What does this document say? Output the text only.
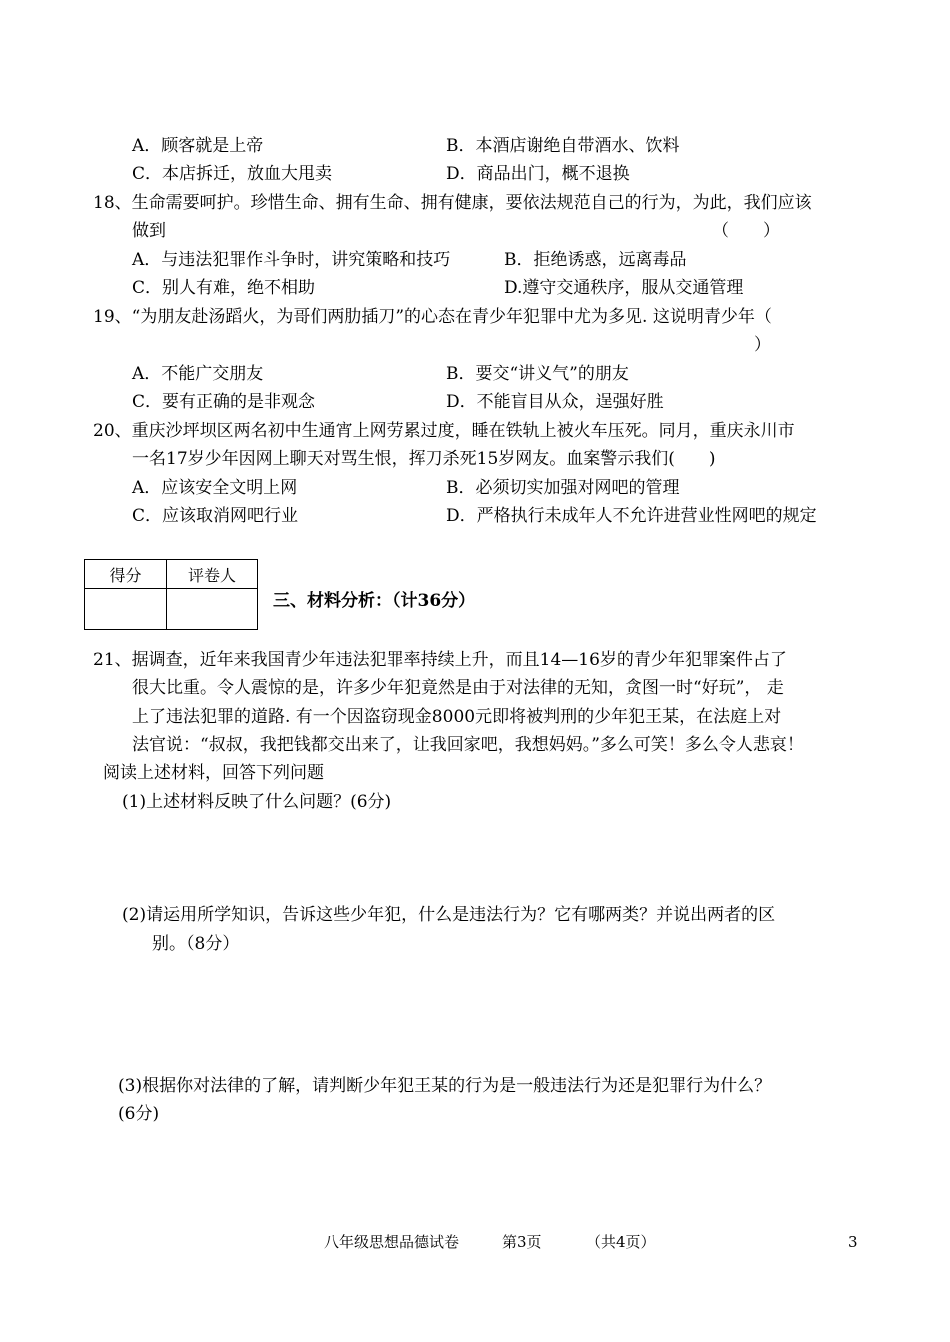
A．顾客就是上帝	B．本酒店谢绝自带酒水、饮料
C．本店拆迁，放血大甩卖	D．商品出门，概不退换
18、生命需要呵护。珍惜生命、拥有生命、拥有健康，要依法规范自己的行为，为此，我们应该
做到	（　　）
A．与违法犯罪作斗争时，讲究策略和技巧	B．拒绝诱惑，远离毒品
C．别人有难，绝不相助	D.遵守交通秩序，服从交通管理
19、“为朋友赴汤蹈火，为哥们两肋插刀”的心态在青少年犯罪中尤为多见. 这说明青少年（
）
A．不能广交朋友	B．要交“讲义气”的朋友
C．要有正确的是非观念	D．不能盲目从众，逞强好胜
20、重庆沙坪坝区两名初中生通宵上网劳累过度，睡在铁轨上被火车压死。同月，重庆永川市
一名17岁少年因网上聊天对骂生恨，挥刀杀死15岁网友。血案警示我们(　　)
A．应该安全文明上网	B．必须切实加强对网吧的管理
C．应该取消网吧行业	D．严格执行未成年人不允许进营业性网吧的规定
得分	评卷人

三、材料分析：（计36分）
21、据调查，近年来我国青少年违法犯罪率持续上升，而且14—16岁的青少年犯罪案件占了
很大比重。令人震惊的是，许多少年犯竟然是由于对法律的无知，贪图一时“好玩”， 走
上了违法犯罪的道路. 有一个因盗窃现金8000元即将被判刑的少年犯王某，在法庭上对
法官说：“叔叔，我把钱都交出来了，让我回家吧，我想妈妈。”多么可笑！多么令人悲哀！
阅读上述材料，回答下列问题
(1)上述材料反映了什么问题？(6分)
(2)请运用所学知识，告诉这些少年犯，什么是违法行为？它有哪两类？并说出两者的区
别。（8分）
(3)根据你对法律的了解，请判断少年犯王某的行为是一般违法行为还是犯罪行为什么？
(6分)
八年级思想品德试卷	第3页	（共4页）	3
